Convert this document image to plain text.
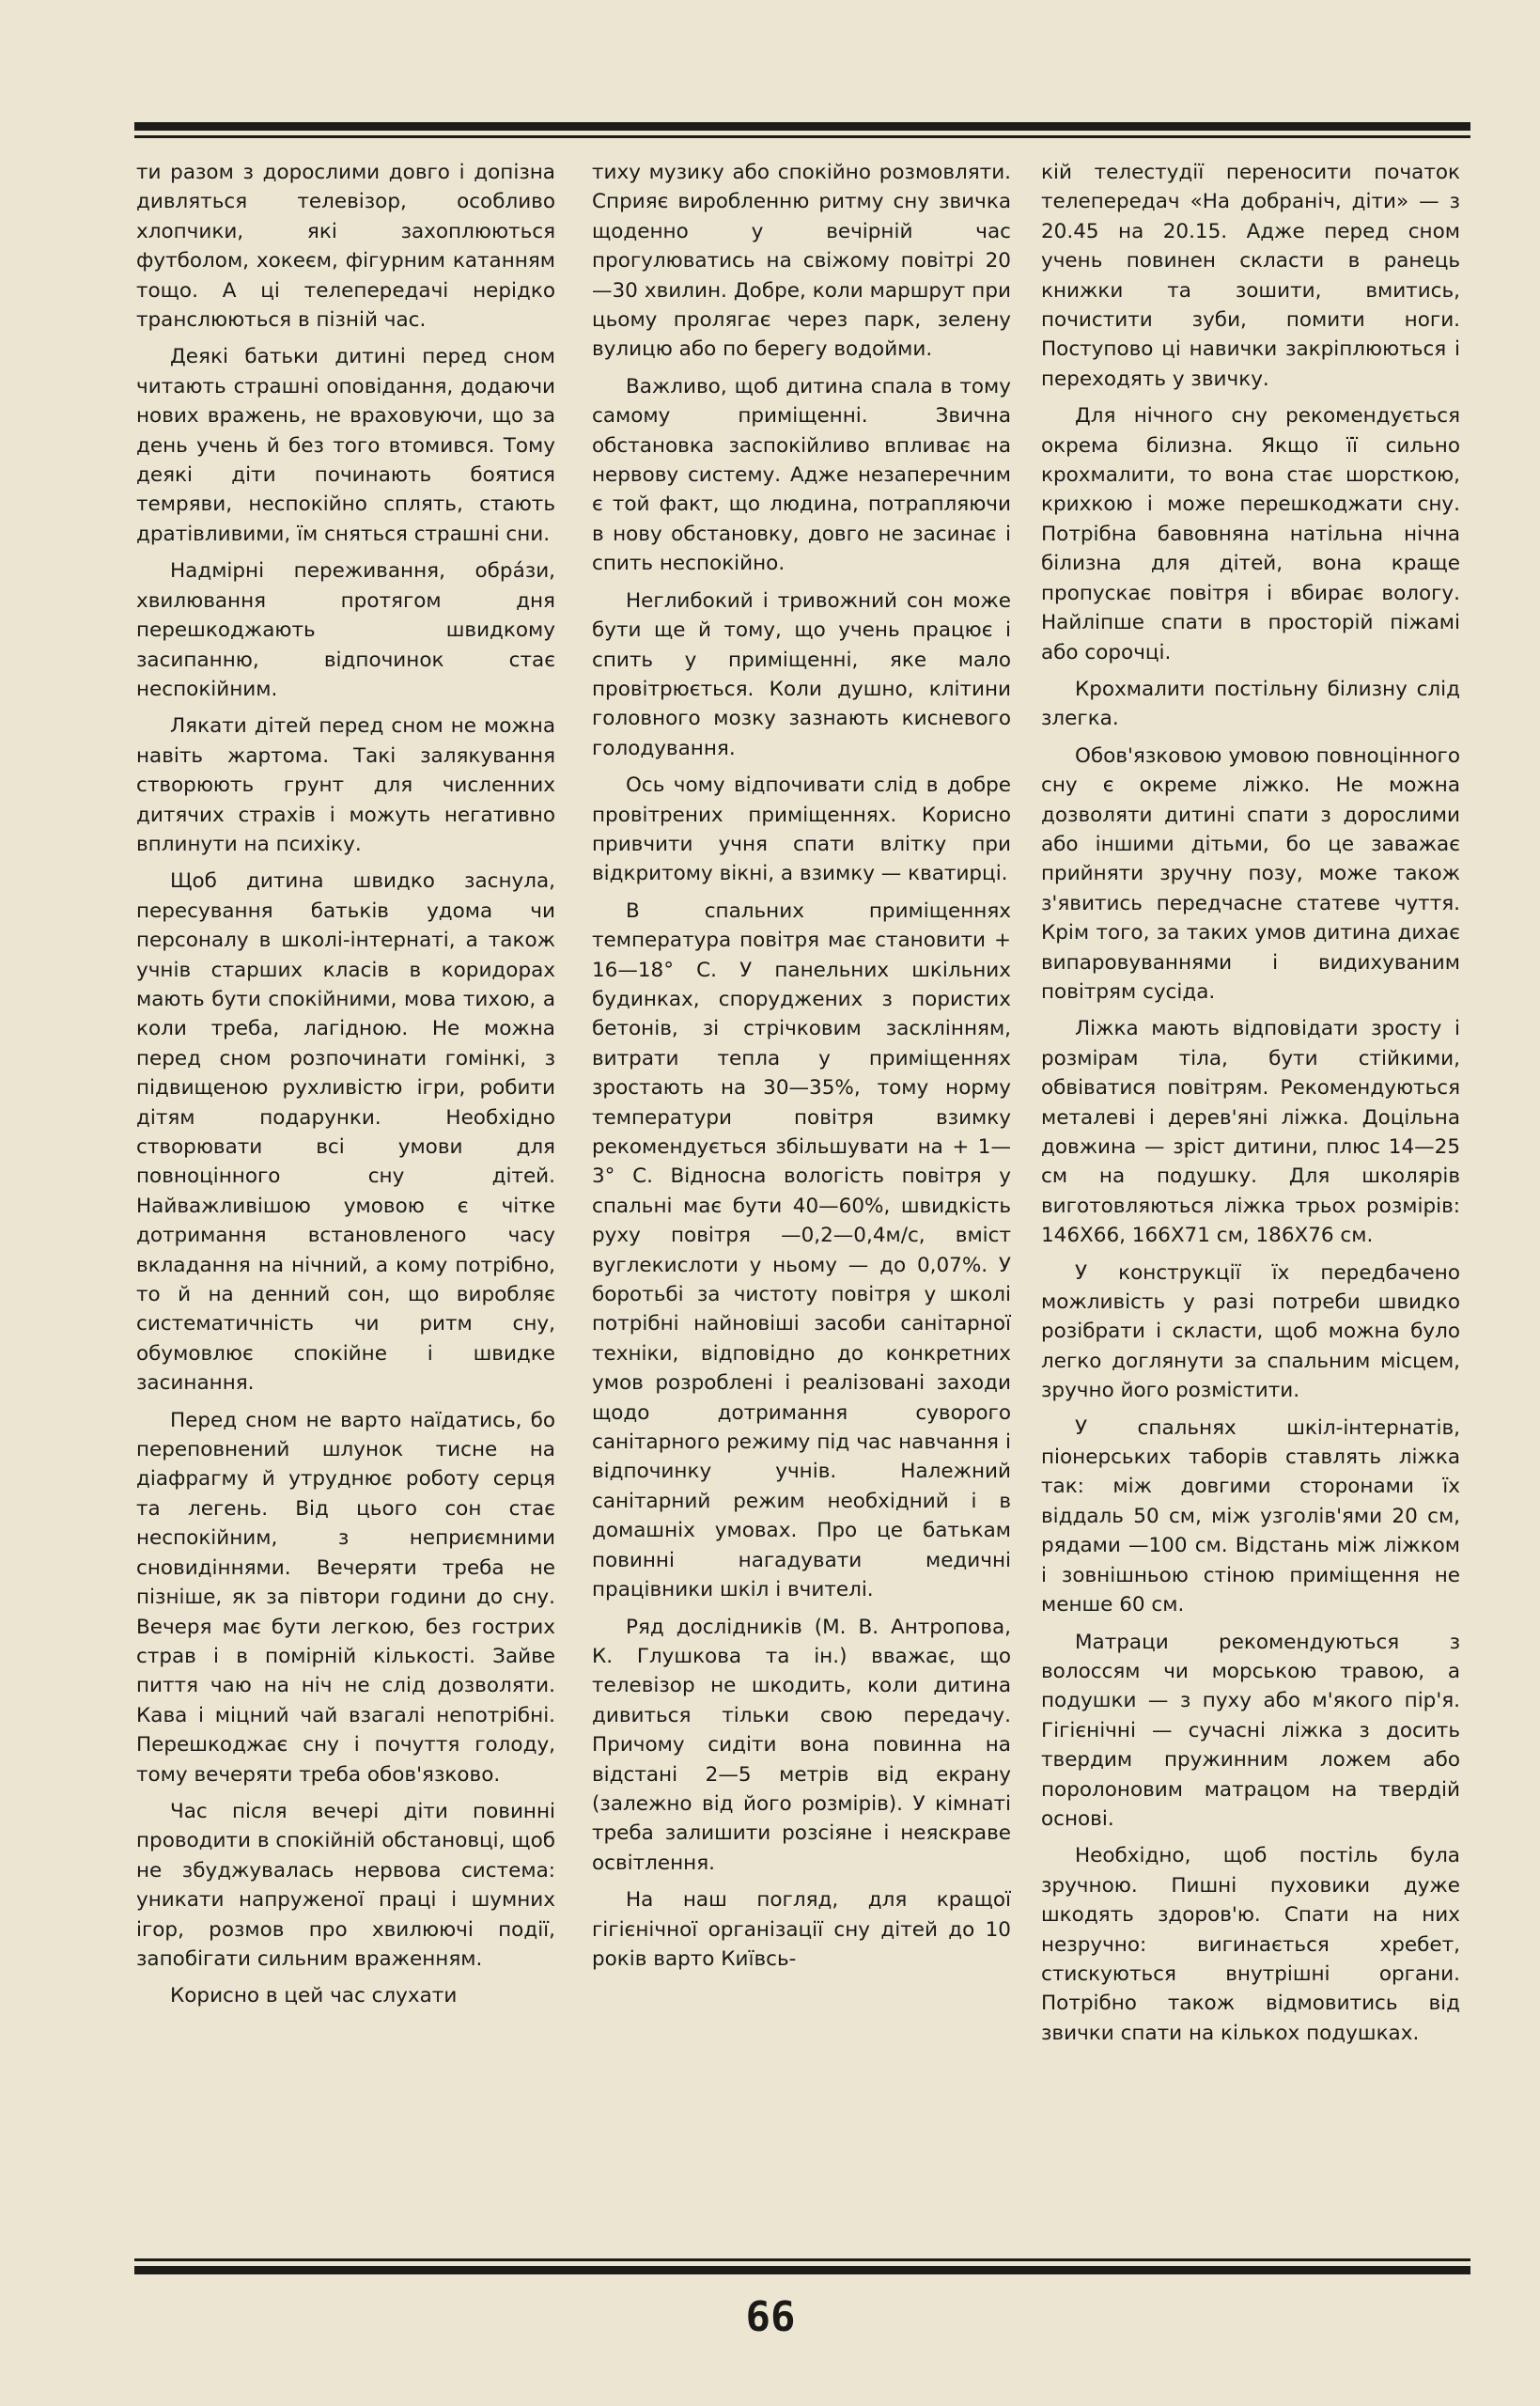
ти разом з дорослими довго і допізна дивляться телевізор, особливо хлопчики, які захоплюються футболом, хокеєм, фігурним катанням тощо. А ці телепередачі нерідко транслюються в пізній час.

Деякі батьки дитині перед сном читають страшні оповідання, додаючи нових вражень, не враховуючи, що за день учень й без того втомився. Тому деякі діти починають боятися темряви, неспокійно сплять, стають дратівливими, їм сняться страшні сни.

Надмірні переживання, обрáзи, хвилювання протягом дня перешкоджають швидкому засипанню, відпочинок стає неспокійним.

Лякати дітей перед сном не можна навіть жартома. Такі залякування створюють грунт для численних дитячих страхів і можуть негативно вплинути на психіку.

Щоб дитина швидко заснула, пересування батьків удома чи персоналу в школі-інтернаті, а також учнів старших класів в коридорах мають бути спокійними, мова тихою, а коли треба, лагідною. Не можна перед сном розпочинати гомінкі, з підвищеною рухливістю ігри, робити дітям подарунки. Необхідно створювати всі умови для повноцінного сну дітей. Найважливішою умовою є чітке дотримання встановленого часу вкладання на нічний, а кому потрібно, то й на денний сон, що виробляє систематичність чи ритм сну, обумовлює спокійне і швидке засинання.

Перед сном не варто наїдатись, бо переповнений шлунок тисне на діафрагму й утруднює роботу серця та легень. Від цього сон стає неспокійним, з неприємними сновидіннями. Вечеряти треба не пізніше, як за півтори години до сну. Вечеря має бути легкою, без гострих страв і в помірній кількості. Зайве пиття чаю на ніч не слід дозволяти. Кава і міцний чай взагалі непотрібні. Перешкоджає сну і почуття голоду, тому вечеряти треба обов'язково.

Час після вечері діти повинні проводити в спокійній обстановці, щоб не збуджувалась нервова система: уникати напруженої праці і шумних ігор, розмов про хвилюючі події, запобігати сильним враженням.

Корисно в цей час слухати

тиху музику або спокійно розмовляти. Сприяє виробленню ритму сну звичка щоденно у вечірній час прогулюватись на свіжому повітрі 20—30 хвилин. Добре, коли маршрут при цьому пролягає через парк, зелену вулицю або по берегу водойми.

Важливо, щоб дитина спала в тому самому приміщенні. Звична обстановка заспокійливо впливає на нервову систему. Адже незаперечним є той факт, що людина, потрапляючи в нову обстановку, довго не засинає і спить неспокійно.

Неглибокий і тривожний сон може бути ще й тому, що учень працює і спить у приміщенні, яке мало провітрюється. Коли душно, клітини головного мозку зазнають кисневого голодування.

Ось чому відпочивати слід в добре провітрених приміщеннях. Корисно привчити учня спати влітку при відкритому вікні, а взимку — кватирці.

В спальних приміщеннях температура повітря має становити + 16—18° С. У панельних шкільних будинках, споруджених з пористих бетонів, зі стрічковим засклінням, витрати тепла у приміщеннях зростають на 30—35%, тому норму температури повітря взимку рекомендується збільшувати на + 1—3° С. Відносна вологість повітря у спальні має бути 40—60%, швидкість руху повітря —0,2—0,4м/с, вміст вуглекислоти у ньому — до 0,07%. У боротьбі за чистоту повітря у школі потрібні найновіші засоби санітарної техніки, відповідно до конкретних умов розроблені і реалізовані заходи щодо дотримання суворого санітарного режиму під час навчання і відпочинку учнів. Належний санітарний режим необхідний і в домашніх умовах. Про це батькам повинні нагадувати медичні працівники шкіл і вчителі.

Ряд дослідників (М. В. Антропова, К. Глушкова та ін.) вважає, що телевізор не шкодить, коли дитина дивиться тільки свою передачу. Причому сидіти вона повинна на відстані 2—5 метрів від екрану (залежно від його розмірів). У кімнаті треба залишити розсіяне і неяскраве освітлення.

На наш погляд, для кращої гігієнічної організації сну дітей до 10 років варто Київсь-

кій телестудії переносити початок телепередач «На добраніч, діти» — з 20.45 на 20.15. Адже перед сном учень повинен скласти в ранець книжки та зошити, вмитись, почистити зуби, помити ноги. Поступово ці навички закріплюються і переходять у звичку.

Для нічного сну рекомендується окрема білизна. Якщо її сильно крохмалити, то вона стає шорсткою, крихкою і може перешкоджати сну. Потрібна бавовняна натільна нічна білизна для дітей, вона краще пропускає повітря і вбирає вологу. Найліпше спати в просторій піжамі або сорочці.

Крохмалити постільну білизну слід злегка.

Обов'язковою умовою повноцінного сну є окреме ліжко. Не можна дозволяти дитині спати з дорослими або іншими дітьми, бо це заважає прийняти зручну позу, може також з'явитись передчасне статеве чуття. Крім того, за таких умов дитина дихає випаровуваннями і видихуваним повітрям сусіда.

Ліжка мають відповідати зросту і розмірам тіла, бути стійкими, обвіватися повітрям. Рекомендуються металеві і дерев'яні ліжка. Доцільна довжина — зріст дитини, плюс 14—25 см на подушку. Для школярів виготовляються ліжка трьох розмірів: 146X66, 166X71 см, 186X76 см.

У конструкції їх передбачено можливість у разі потреби швидко розібрати і скласти, щоб можна було легко доглянути за спальним місцем, зручно його розмістити.

У спальнях шкіл-інтернатів, піонерських таборів ставлять ліжка так: між довгими сторонами їх віддаль 50 см, між узголів'ями 20 см, рядами —100 см. Відстань між ліжком і зовнішньою стіною приміщення не менше 60 см.

Матраци рекомендуються з волоссям чи морською травою, а подушки — з пуху або м'якого пір'я. Гігієнічні — сучасні ліжка з досить твердим пружинним ложем або поролоновим матрацом на твердій основі.

Необхідно, щоб постіль була зручною. Пишні пуховики дуже шкодять здоров'ю. Спати на них незручно: вигинається хребет, стискуються внутрішні органи. Потрібно також відмовитись від звички спати на кількох подушках.

66
